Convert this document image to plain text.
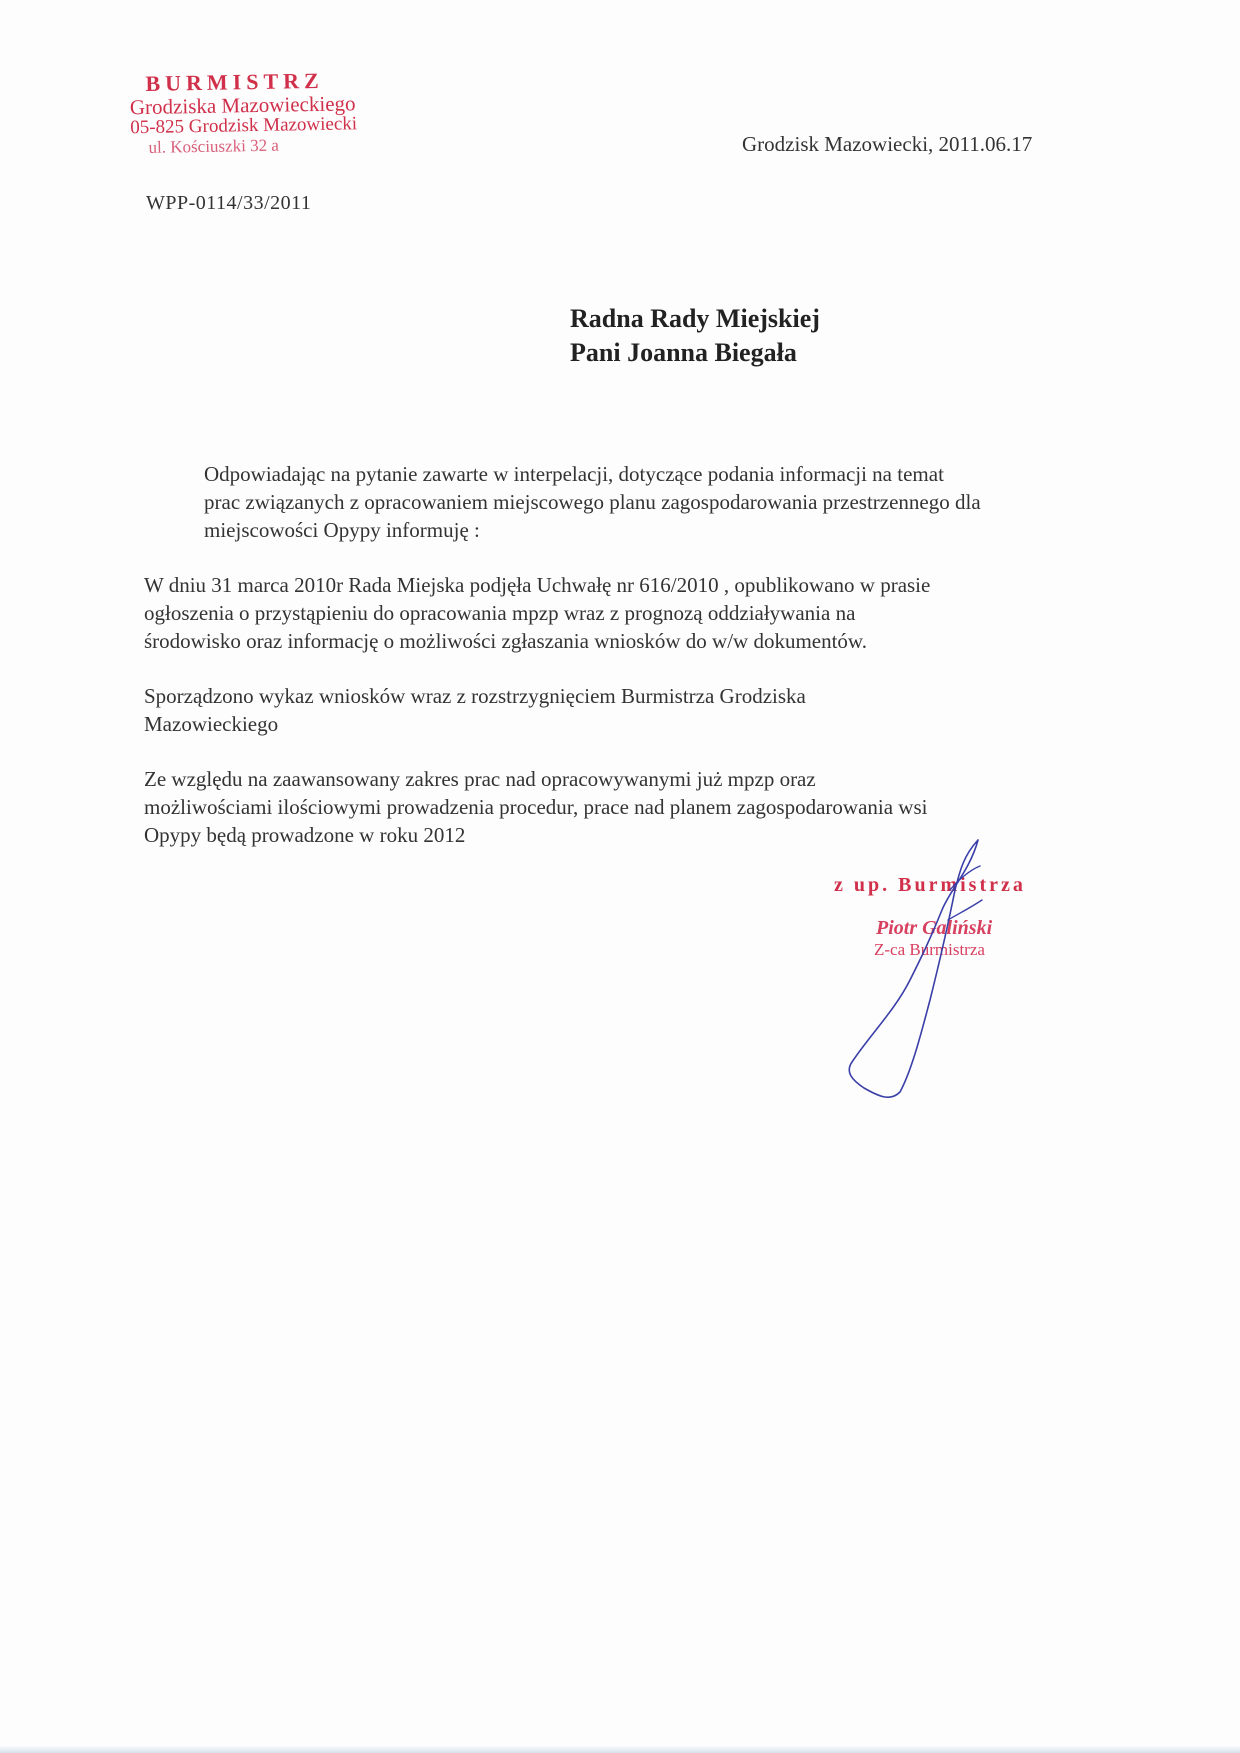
BURMISTRZ
Grodziska Mazowieckiego
05-825 Grodzisk Mazowiecki
ul. Kościuszki 32 a	Grodzisk Mazowiecki, 2011.06.17
WPP-0114/33/2011
Radna Rady Miejskiej
Pani Joanna Biegała

Odpowiadając na pytanie zawarte w interpelacji, dotyczące podania informacji na temat
prac związanych z opracowaniem miejscowego planu zagospodarowania przestrzennego dla
miejscowości Opypy informuję :

W dniu 31 marca 2010r Rada Miejska podjęła Uchwałę nr 616/2010 , opublikowano w prasie
ogłoszenia o przystąpieniu do opracowania mpzp wraz z prognozą oddziaływania na
środowisko oraz informację o możliwości zgłaszania wniosków do w/w dokumentów.

Sporządzono wykaz wniosków wraz z rozstrzygnięciem Burmistrza Grodziska
Mazowieckiego

Ze względu na zaawansowany zakres prac nad opracowywanymi już mpzp oraz
możliwościami ilościowymi prowadzenia procedur, prace nad planem zagospodarowania wsi
Opypy będą prowadzone w roku 2012

z up. Burmistrza
Piotr Galiński
Z-ca Burmistrza
